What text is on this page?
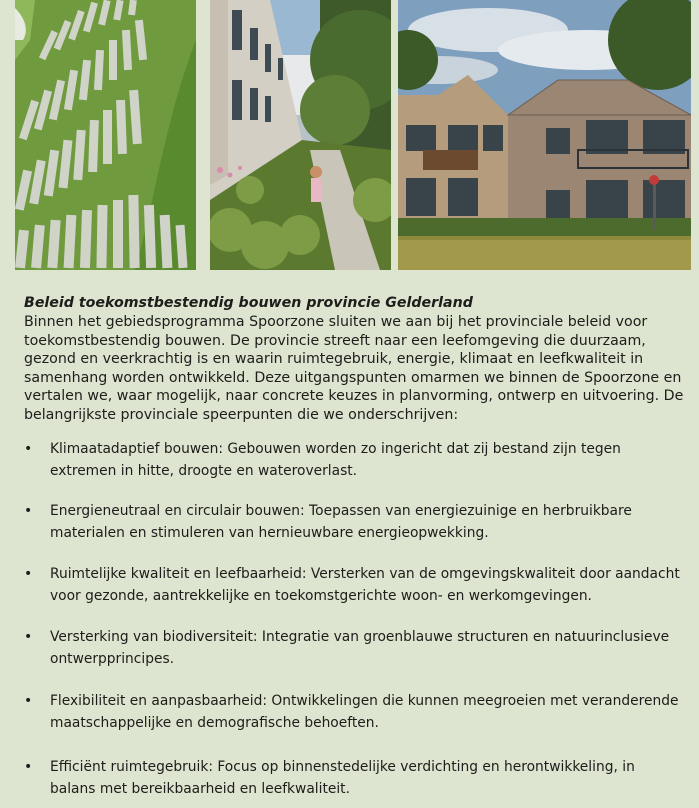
Beleid toekomstbestendig bouwen provincie Gelderland

Binnen het gebiedsprogramma Spoorzone sluiten we aan bij het provinciale beleid voor toekomstbestendig bouwen. De provincie streeft naar een leefomgeving die duurzaam, gezond en veerkrachtig is en waarin ruimtegebruik, energie, klimaat en leefkwaliteit in samenhang worden ontwikkeld. Deze uitgangspunten omarmen we binnen de Spoorzone en vertalen we, waar mogelijk, naar concrete keuzes in planvorming, ontwerp en uitvoering. De belangrijkste provinciale speerpunten die we onderschrijven:

•	Klimaatadaptief bouwen: Gebouwen worden zo ingericht dat zij bestand zijn tegen extremen in hitte, droogte en wateroverlast.
•	Energieneutraal en circulair bouwen: Toepassen van energiezuinige en herbruikbare materialen en stimuleren van hernieuwbare energieopwekking.
•	Ruimtelijke kwaliteit en leefbaarheid: Versterken van de omgevingskwaliteit door aandacht voor gezonde, aantrekkelijke en toekomstgerichte woon- en werkomgevingen.
•	Versterking van biodiversiteit: Integratie van groenblauwe structuren en natuurinclusieve ontwerpprincipes.
•	Flexibiliteit en aanpasbaarheid: Ontwikkelingen die kunnen meegroeien met veranderende maatschappelijke en demografische behoeften.
•	Efficiënt ruimtegebruik: Focus op binnenstedelijke verdichting en herontwikkeling, in balans met bereikbaarheid en leefkwaliteit.
